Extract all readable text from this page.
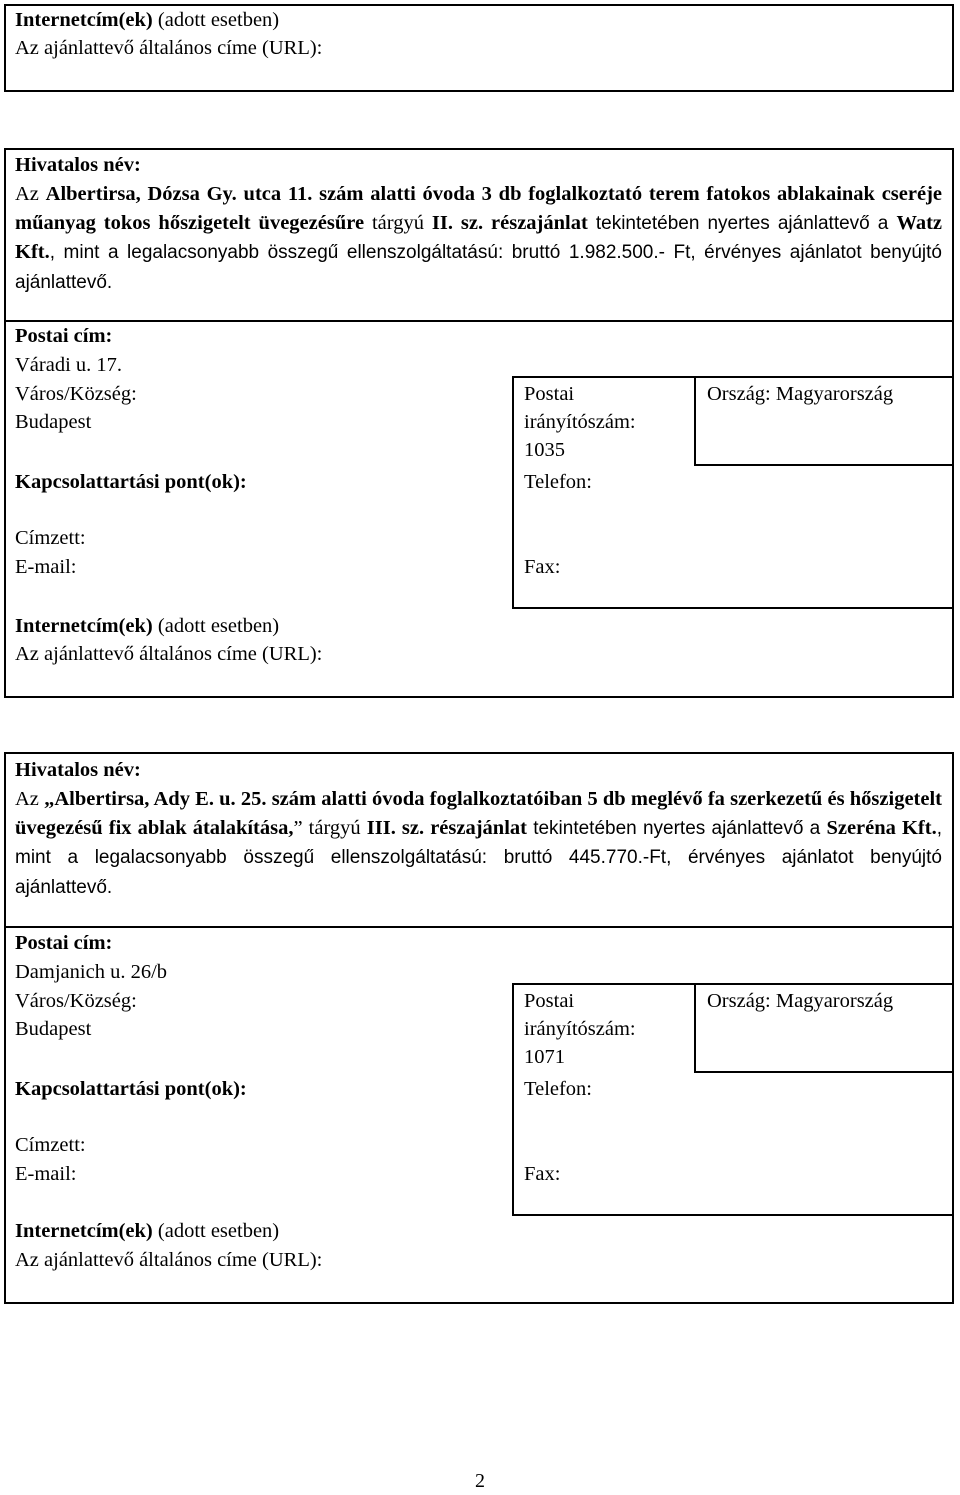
Internetcím(ek) (adott esetben)
Az ajánlattevő általános címe (URL):
Hivatalos név:
Az Albertirsa, Dózsa Gy. utca 11. szám alatti óvoda 3 db foglalkoztató terem fatokos ablakainak cseréje műanyag tokos hőszigetelt üvegezésűre tárgyú II. sz. részajánlat tekintetében nyertes ajánlattevő a Watz Kft., mint a legalacsonyabb összegű ellenszolgáltatású: bruttó 1.982.500.- Ft, érvényes ajánlatot benyújtó ajánlattevő.
Postai cím:
Váradi u. 17.
Város/Község:
Budapest
Postai
irányítószám:
1035
Ország: Magyarország
Kapcsolattartási pont(ok):	Telefon:
Címzett:
E-mail:	Fax:
Internetcím(ek) (adott esetben)
Az ajánlattevő általános címe (URL):
Hivatalos név:
Az „Albertirsa, Ady E. u. 25. szám alatti óvoda foglalkoztatóiban 5 db meglévő fa szerkezetű és hőszigetelt üvegezésű fix ablak átalakítása,” tárgyú III. sz. részajánlat tekintetében nyertes ajánlattevő a Szeréna Kft., mint a legalacsonyabb összegű ellenszolgáltatású: bruttó 445.770.-Ft, érvényes ajánlatot benyújtó ajánlattevő.
Postai cím:
Damjanich u. 26/b
Város/Község:
Budapest
Postai
irányítószám:
1071
Ország: Magyarország
Kapcsolattartási pont(ok):	Telefon:
Címzett:
E-mail:	Fax:
Internetcím(ek) (adott esetben)
Az ajánlattevő általános címe (URL):
2
